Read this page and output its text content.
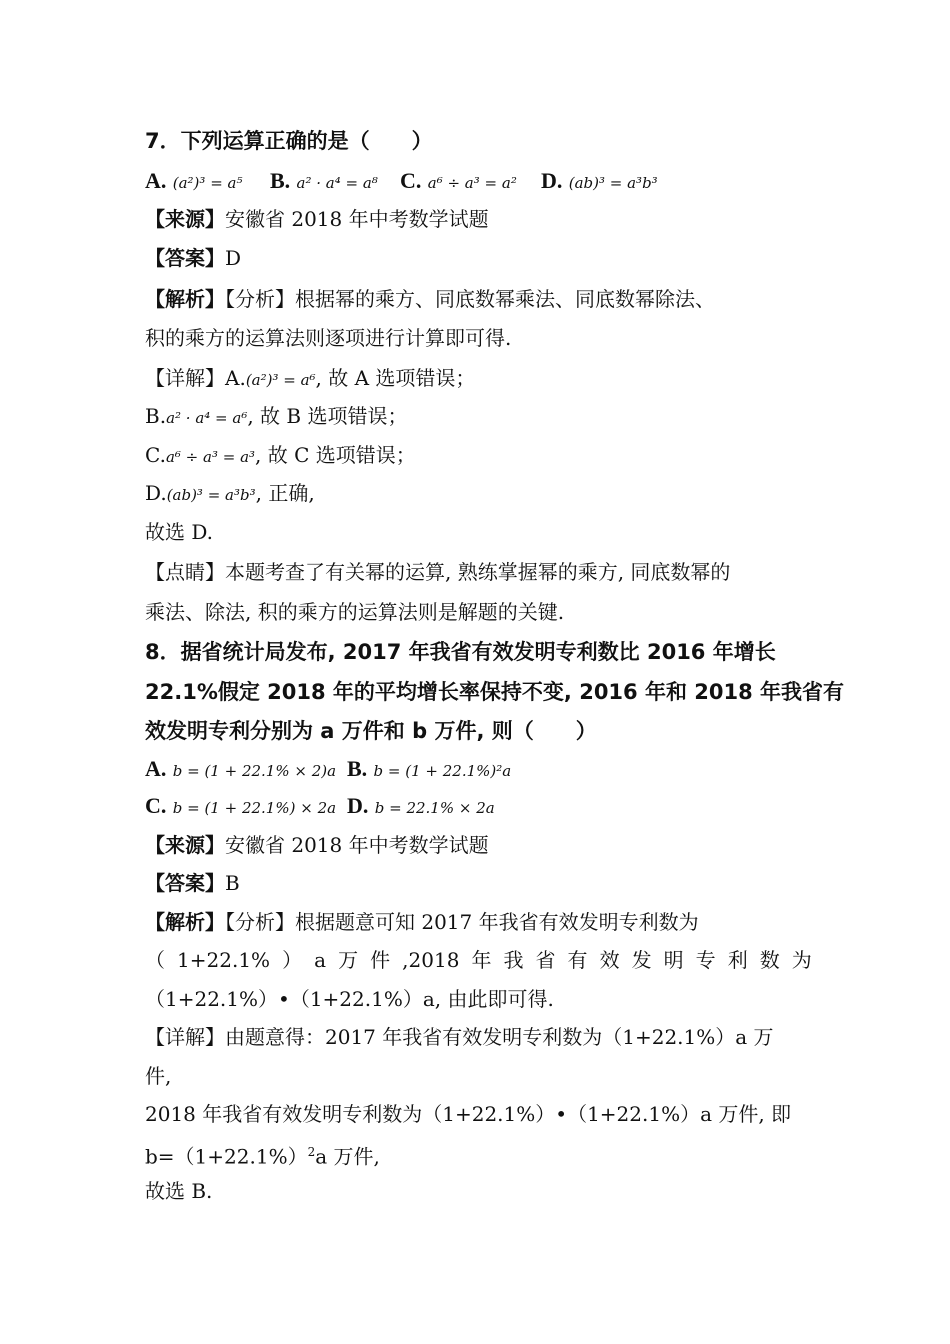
7．下列运算正确的是（　　）
A. (a²)³ = a⁵ B. a² · a⁴ = a⁸ C. a⁶ ÷ a³ = a² D. (ab)³ = a³b³
【来源】安徽省 2018 年中考数学试题
【答案】D
【解析】【分析】根据幂的乘方、同底数幂乘法、同底数幂除法、
积的乘方的运算法则逐项进行计算即可得.
【详解】A.(a²)³ = a⁶, 故 A 选项错误；
B.a² · a⁴ = a⁶, 故 B 选项错误；
C.a⁶ ÷ a³ = a³, 故 C 选项错误；
D.(ab)³ = a³b³, 正确,
故选 D.
【点睛】本题考查了有关幂的运算, 熟练掌握幂的乘方, 同底数幂的
乘法、除法, 积的乘方的运算法则是解题的关键.
8．据省统计局发布, 2017 年我省有效发明专利数比 2016 年增长
22.1%假定 2018 年的平均增长率保持不变, 2016 年和 2018 年我省有
效发明专利分别为 a 万件和 b 万件, 则（　　）
A. b = (1 + 22.1% × 2)a B. b = (1 + 22.1%)²a
C. b = (1 + 22.1%) × 2a D. b = 22.1% × 2a
【来源】安徽省 2018 年中考数学试题
【答案】B
【解析】【分析】根据题意可知 2017 年我省有效发明专利数为
（ 1+22.1% ） a 万 件 ,2018 年 我 省 有 效 发 明 专 利 数 为
（1+22.1%）•（1+22.1%）a, 由此即可得.
【详解】由题意得：2017 年我省有效发明专利数为（1+22.1%）a 万
件,
2018 年我省有效发明专利数为（1+22.1%）•（1+22.1%）a 万件, 即
$b=(1+22.1\%)^2a$ 万件,
故选 B.
